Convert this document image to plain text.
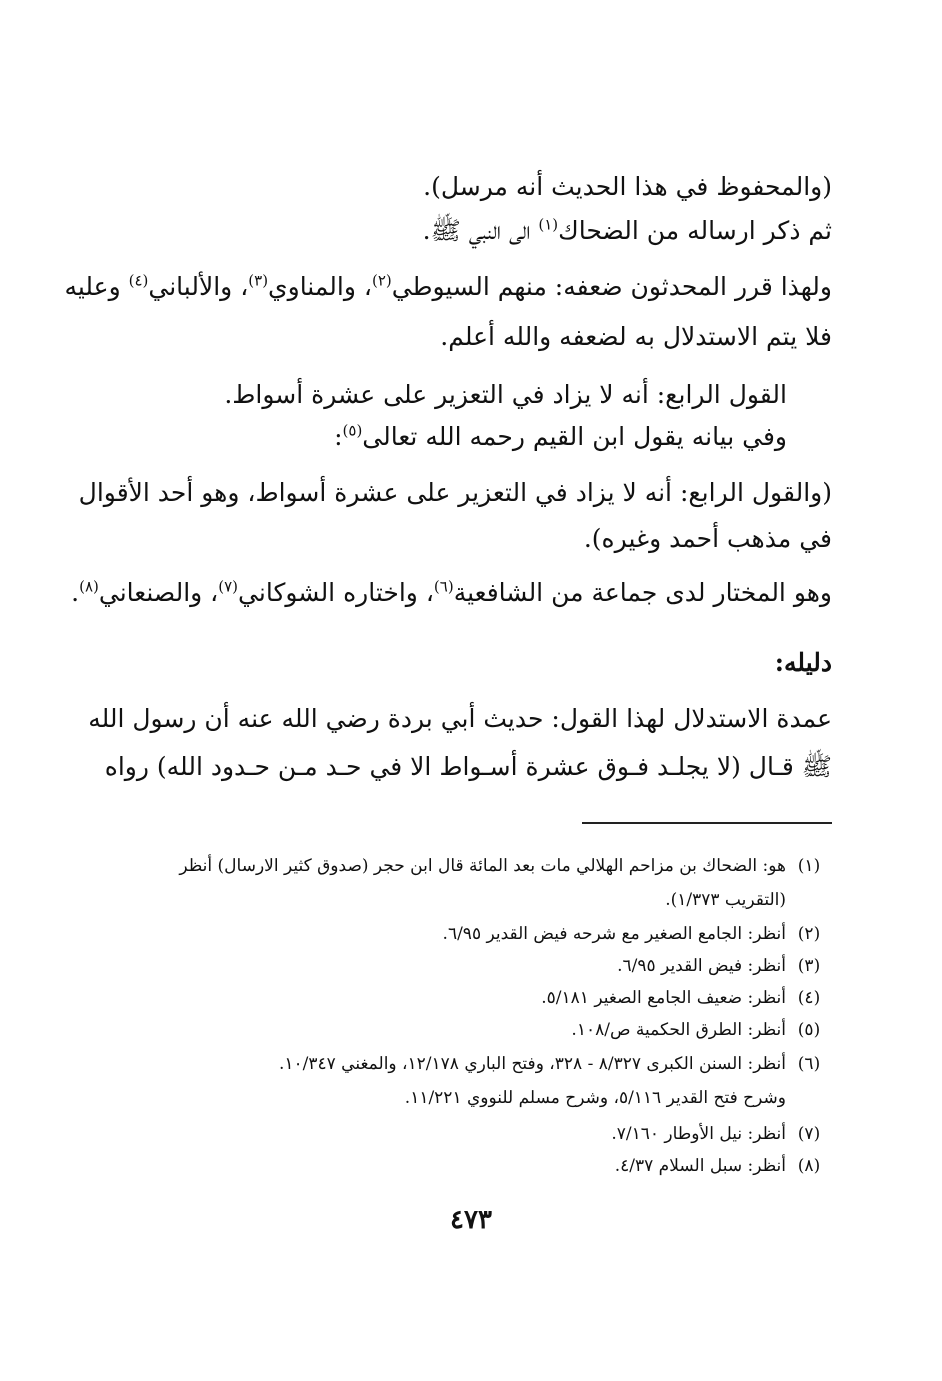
(والمحفوظ في هذا الحديث أنه مرسل).
ثم ذكر ارساله من الضحاك$^{(١)}$ الى النبي ﷺ.
ولهذا قرر المحدثون ضعفه: منهم السيوطي$^{(٢)}$، والمناوي$^{(٣)}$، والألباني$^{(٤)}$ وعليه
فلا يتم الاستدلال به لضعفه والله أعلم.
القول الرابع: أنه لا يزاد في التعزير على عشرة أسواط.
وفي بيانه يقول ابن القيم رحمه الله تعالى$^{(٥)}$:
(والقول الرابع: أنه لا يزاد في التعزير على عشرة أسواط، وهو أحد الأقوال
في مذهب أحمد وغيره).
وهو المختار لدى جماعة من الشافعية$^{(٦)}$، واختاره الشوكاني$^{(٧)}$، والصنعاني$^{(٨)}$.
دليله:
عمدة الاستدلال لهذا القول: حديث أبي بردة رضي الله عنه أن رسول الله
ﷺ قـال (لا يجلـد فـوق عشرة أسـواط الا في حـد مـن حـدود الله) رواه
(١)هو: الضحاك بن مزاحم الهلالي مات بعد المائة قال ابن حجر (صدوق كثير الارسال) أنظر
(التقريب ١/٣٧٣).
(٢)أنظر: الجامع الصغير مع شرحه فيض القدير ٦/٩٥.
(٣)أنظر: فيض القدير ٦/٩٥.
(٤)أنظر: ضعيف الجامع الصغير ٥/١٨١.
(٥)أنظر: الطرق الحكمية ص/١٠٨.
(٦)أنظر: السنن الكبرى ٨/٣٢٧ - ٣٢٨، وفتح الباري ١٢/١٧٨، والمغني ١٠/٣٤٧.
وشرح فتح القدير ٥/١١٦، وشرح مسلم للنووي ١١/٢٢١.
(٧)أنظر: نيل الأوطار ٧/١٦٠.
(٨)أنظر: سبل السلام ٤/٣٧.
٤٧٣
